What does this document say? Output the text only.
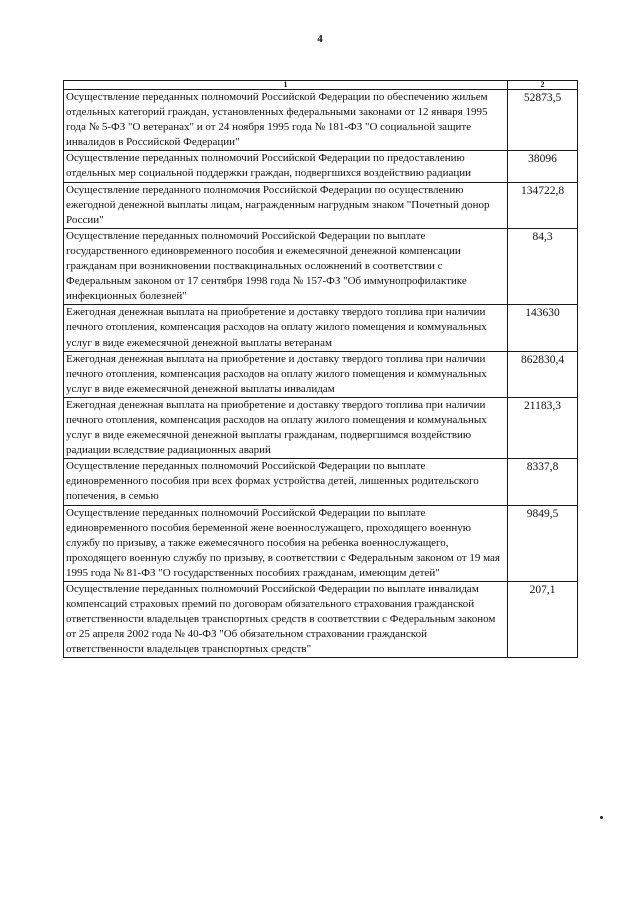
4
1	2
Осуществление переданных полномочий Российской Федерации по обеспечению жильем отдельных категорий граждан, установленных федеральными законами от 12 января 1995 года № 5-ФЗ "О ветеранах" и от 24 ноября 1995 года № 181-ФЗ "О социальной защите инвалидов в Российской Федерации"	52873,5
Осуществление переданных полномочий Российской Федерации по предоставлению отдельных мер социальной поддержки граждан, подвергшихся воздействию радиации	38096
Осуществление переданного полномочия Российской Федерации по осуществлению ежегодной денежной выплаты лицам, награжденным нагрудным знаком "Почетный донор России"	134722,8
Осуществление переданных полномочий Российской Федерации по выплате государственного единовременного пособия и ежемесячной денежной компенсации гражданам при возникновении поствакцинальных осложнений в соответствии с Федеральным законом от 17 сентября 1998 года № 157-ФЗ "Об иммунопрофилактике инфекционных болезней"	84,3
Ежегодная денежная выплата на приобретение и доставку твердого топлива при наличии печного отопления, компенсация расходов на оплату жилого помещения и коммунальных услуг в виде ежемесячной денежной выплаты ветеранам	143630
Ежегодная денежная выплата на приобретение и доставку твердого топлива при наличии печного отопления, компенсация расходов на оплату жилого помещения и коммунальных услуг в виде ежемесячной денежной выплаты инвалидам	862830,4
Ежегодная денежная выплата на приобретение и доставку твердого топлива при наличии печного отопления, компенсация расходов на оплату жилого помещения и коммунальных услуг в виде ежемесячной денежной выплаты гражданам, подвергшимся воздействию радиации вследствие радиационных аварий	21183,3
Осуществление переданных полномочий Российской Федерации по выплате единовременного пособия при всех формах устройства детей, лишенных родительского попечения, в семью	8337,8
Осуществление переданных полномочий Российской Федерации по выплате единовременного пособия беременной жене военнослужащего, проходящего военную службу по призыву, а также ежемесячного пособия на ребенка военнослужащего, проходящего военную службу по призыву, в соответствии с Федеральным законом от 19 мая 1995 года № 81-ФЗ "О государственных пособиях гражданам, имеющим детей"	9849,5
Осуществление переданных полномочий Российской Федерации по выплате инвалидам компенсаций страховых премий по договорам обязательного страхования гражданской ответственности владельцев транспортных средств в соответствии с Федеральным законом от 25 апреля 2002 года № 40-ФЗ "Об обязательном страховании гражданской ответственности владельцев транспортных средств"	207,1
